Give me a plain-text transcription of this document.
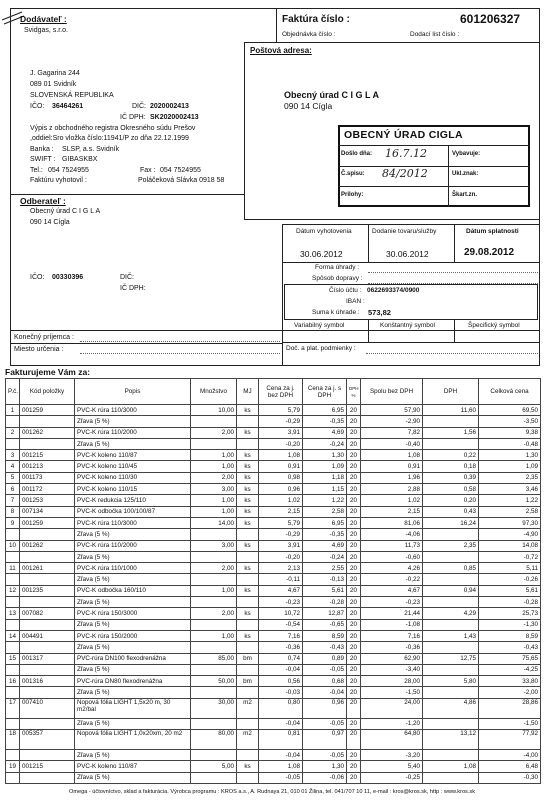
Dodávateľ :
Svidgas, s.r.o.
J. Gagarina 244
089 01 Svidník
SLOVENSKÁ REPUBLIKA
IČO: 36464261	DIČ: 2020002413
IČ DPH: SK2020002413
Výpis z obchodného registra Okresného súdu Prešov
,oddiel:Sro vložka číslo:11941/P zo dňa 22.12.1999
Banka : SLSP, a.s. Svidník
SWIFT : GIBASKBX
Tel.: 054 7524955	Fax : 054 7524955
Faktúru vyhotovil :	Poláčeková Slávka 0918 58
Faktúra číslo :	601206327
Objednávka číslo :	Dodací list číslo :
Poštová adresa:
Obecný úrad C I G L A
090 14 Cígla
OBECNÝ ÚRAD CIGLA
Došlo dňa: 16.7.12	Vybavuje:
Č.spisu: 84/2012	Ukl.znak:
Prílohy:	Škart.zn.
Odberateľ :
Obecný úrad C I G L A
090 14 Cígla
IČO: 00330396	DIČ:
IČ DPH:
Dátum vyhotovenia	Dodanie tovaru/služby	Dátum splatnosti
30.06.2012	30.06.2012	29.08.2012
Forma úhrady :
Spôsob dopravy :
Číslo účtu : 0622693374/0900
IBAN :
Suma k úhrade : 573,82
Variabilný symbol	Konštantný symbol	Špecifický symbol
Doč. a plat. podmienky :
Konečný príjemca :
Miesto určenia :
Fakturujeme Vám za:
P.č.	Kód položky	Popis	Množstvo	MJ	Cena za j. bez DPH	Cena za j. s DPH	DPH %	Spolu bez DPH	DPH	Celková cena
1	001259	PVC-K rúra 110/3000	10,00	ks	5,79	6,95	20	57,90	11,60	69,50
		Zľava (5 %)			-0,29	-0,35	20	-2,90		-3,50
2	001262	PVC-K rúra 110/2000	2,00	ks	3,91	4,69	20	7,82	1,56	9,38
		Zľava (5 %)			-0,20	-0,24	20	-0,40		-0,48
3	001215	PVC-K koleno 110/87	1,00	ks	1,08	1,30	20	1,08	0,22	1,30
4	001213	PVC-K koleno 110/45	1,00	ks	0,91	1,09	20	0,91	0,18	1,09
5	001173	PVC-K koleno 110/30	2,00	ks	0,98	1,18	20	1,96	0,39	2,35
6	001172	PVC-K koleno 110/15	3,00	ks	0,96	1,15	20	2,88	0,58	3,46
7	001253	PVC-K redukcia 125/110	1,00	ks	1,02	1,22	20	1,02	0,20	1,22
8	007134	PVC-K odbočka 100/100/87	1,00	ks	2,15	2,58	20	2,15	0,43	2,58
9	001259	PVC-K rúra 110/3000	14,00	ks	5,79	6,95	20	81,06	16,24	97,30
		Zľava (5 %)			-0,29	-0,35	20	-4,06		-4,90
10	001262	PVC-K rúra 110/2000	3,00	ks	3,91	4,69	20	11,73	2,35	14,08
		Zľava (5 %)			-0,20	-0,24	20	-0,60		-0,72
11	001261	PVC-K rúra 110/1000	2,00	ks	2,13	2,55	20	4,26	0,85	5,11
		Zľava (5 %)			-0,11	-0,13	20	-0,22		-0,26
12	001235	PVC-K odbočka 160/110	1,00	ks	4,67	5,61	20	4,67	0,94	5,61
		Zľava (5 %)			-0,23	-0,28	20	-0,23		-0,28
13	007082	PVC-K rúra 150/3000	2,00	ks	10,72	12,87	20	21,44	4,29	25,73
		Zľava (5 %)			-0,54	-0,65	20	-1,08		-1,30
14	004491	PVC-K rúra 150/2000	1,00	ks	7,16	8,59	20	7,16	1,43	8,59
		Zľava (5 %)			-0,36	-0,43	20	-0,36		-0,43
15	001317	PVC-rúra DN100 flexodrenážna	85,00	bm	0,74	0,89	20	62,90	12,75	75,65
		Zľava (5 %)			-0,04	-0,05	20	-3,40		-4,25
16	001316	PVC-rúra DN80 flexodrenážna	50,00	bm	0,56	0,68	20	28,00	5,80	33,80
		Zľava (5 %)			-0,03	-0,04	20	-1,50		-2,00
17	007410	Nopová fólia LIGHT 1,5x20 m, 30 m2/bal	30,00	m2	0,80	0,96	20	24,00	4,86	28,86
		Zľava (5 %)			-0,04	-0,05	20	-1,20		-1,50
18	005357	Nopová fólia LIGHT 1,0x20xm, 20 m2	80,00	m2	0,81	0,97	20	64,80	13,12	77,92
		Zľava (5 %)			-0,04	-0,05	20	-3,20		-4,00
19	001215	PVC-K koleno 110/87	5,00	ks	1,08	1,30	20	5,40	1,08	6,48
		Zľava (5 %)			-0,05	-0,06	20	-0,25		-0,30
Omega - účtovníctvo, sklad a fakturácia. Výrobca programu : KROS a.s., A. Rudnaya 21, 010 01 Žilina, tel. 041/707 10 11, e-mail : kros@kros.sk, http : www.kros.sk
